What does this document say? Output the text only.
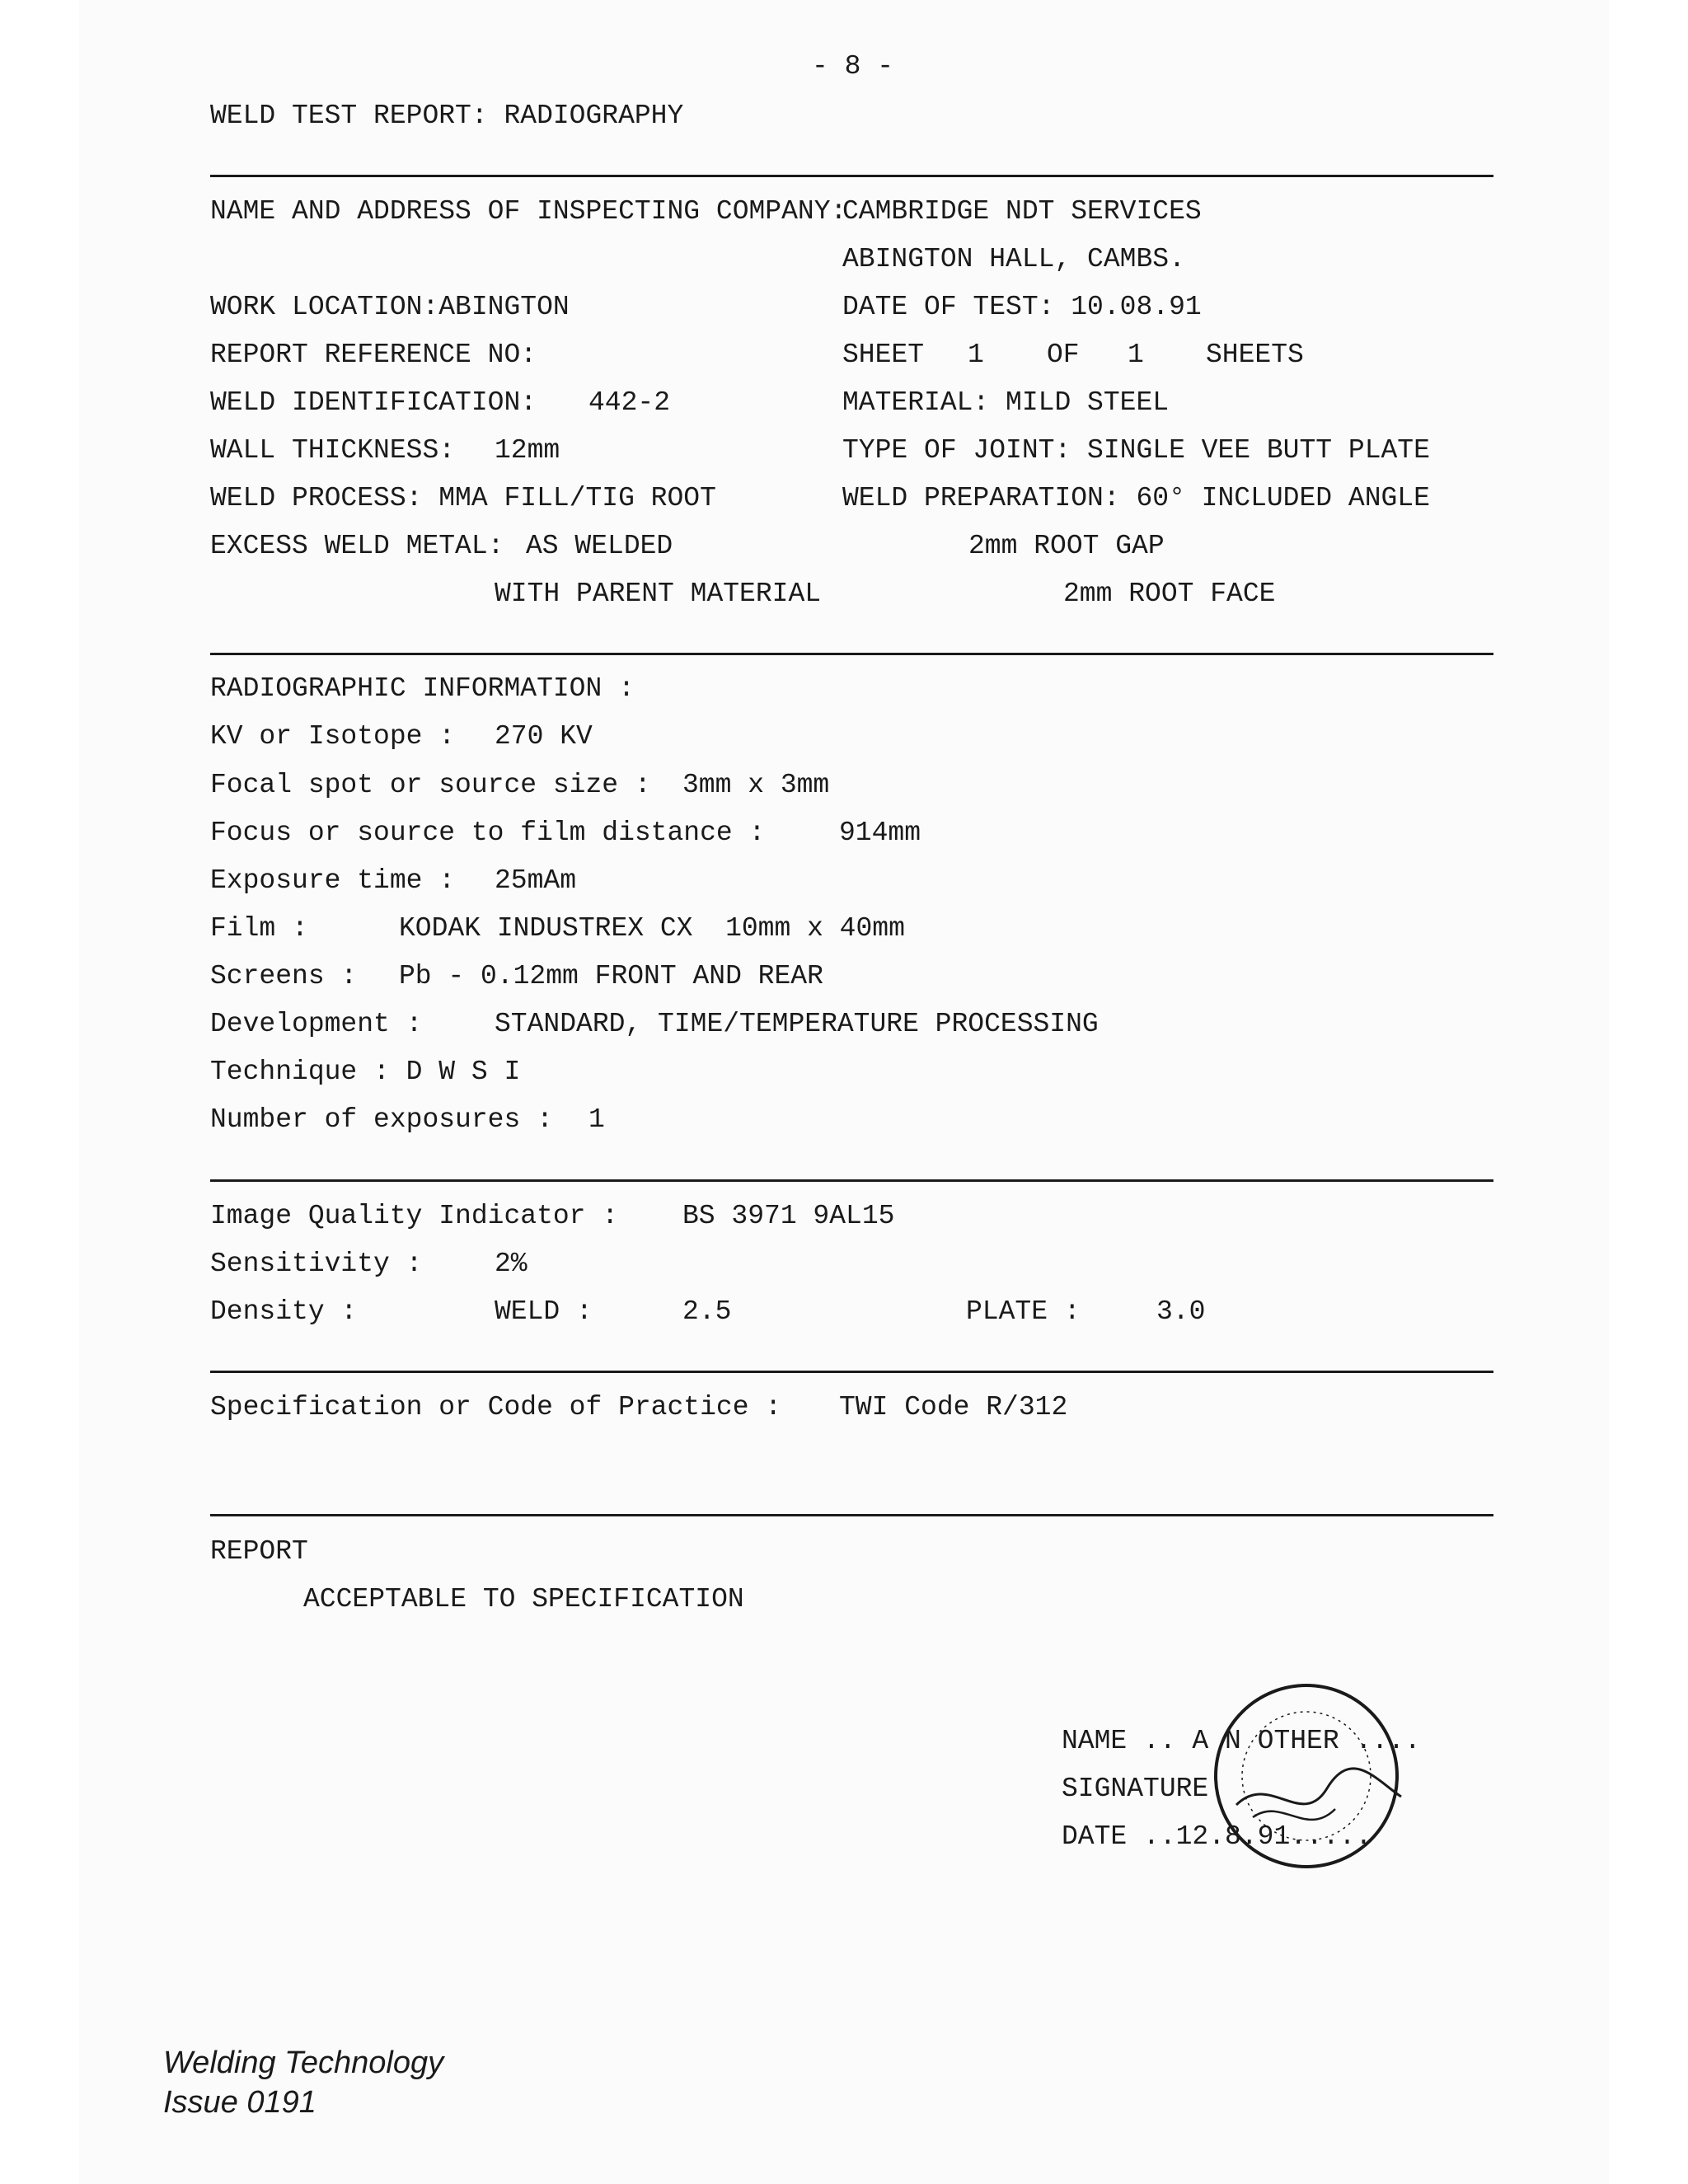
- 8 -
WELD TEST REPORT: RADIOGRAPHY
NAME AND ADDRESS OF INSPECTING COMPANY:
CAMBRIDGE NDT SERVICES
ABINGTON HALL, CAMBS.
WORK LOCATION:ABINGTON	DATE OF TEST: 10.08.91
REPORT REFERENCE NO:	SHEET 1 OF 1 SHEETS
WELD IDENTIFICATION: 442-2	MATERIAL: MILD STEEL
WALL THICKNESS: 12mm	TYPE OF JOINT: SINGLE VEE BUTT PLATE
WELD PROCESS: MMA FILL/TIG ROOT	WELD PREPARATION: 60° INCLUDED ANGLE
EXCESS WELD METAL: AS WELDED	2mm ROOT GAP
WITH PARENT MATERIAL	2mm ROOT FACE
RADIOGRAPHIC INFORMATION :
KV or Isotope : 270 KV
Focal spot or source size : 3mm x 3mm
Focus or source to film distance :	914mm
Exposure time : 25mAm
Film :	KODAK INDUSTREX CX  10mm x 40mm
Screens : Pb - 0.12mm FRONT AND REAR
Development :	STANDARD, TIME/TEMPERATURE PROCESSING
Technique : D W S I
Number of exposures : 1
Image Quality Indicator : BS 3971 9AL15
Sensitivity :	2%
Density :	WELD :	2.5	PLATE :	3.0
Specification or Code of Practice : TWI Code R/312
REPORT
ACCEPTABLE TO SPECIFICATION
NAME .. A N OTHER ....
SIGNATURE
DATE ..12.8.91.....
Welding Technology
Issue 0191
